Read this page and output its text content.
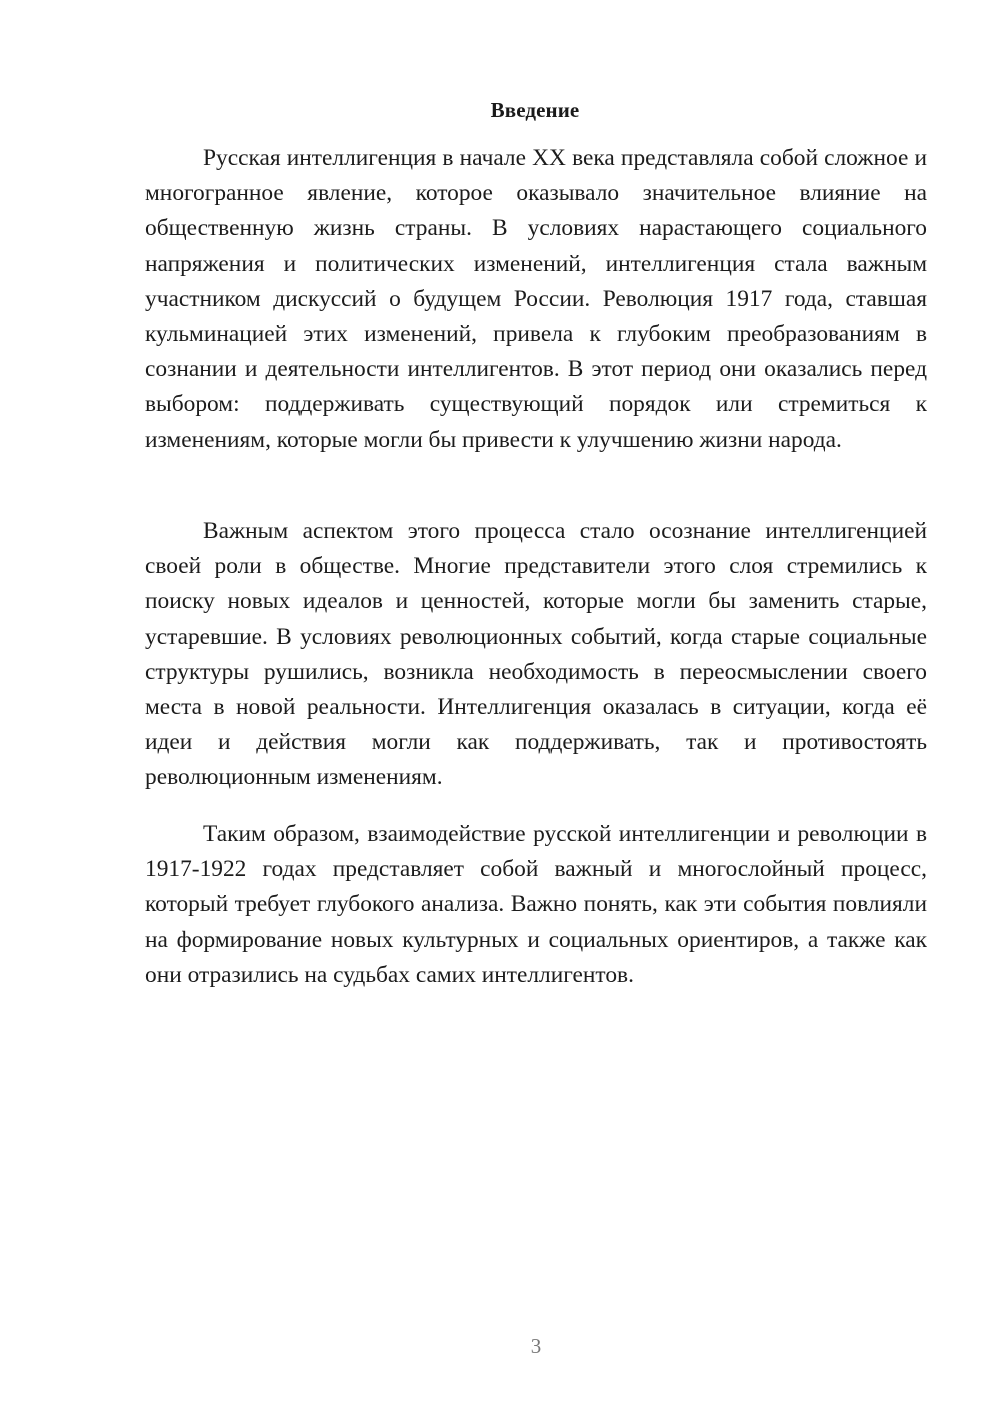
Введение

Русская интеллигенция в начале XX века представляла собой сложное и многогранное явление, которое оказывало значительное влияние на общественную жизнь страны. В условиях нарастающего социального напряжения и политических изменений, интеллигенция стала важным участником дискуссий о будущем России. Революция 1917 года, ставшая кульминацией этих изменений, привела к глубоким преобразованиям в сознании и деятельности интеллигентов. В этот период они оказались перед выбором: поддерживать существующий порядок или стремиться к изменениям, которые могли бы привести к улучшению жизни народа.

Важным аспектом этого процесса стало осознание интеллигенцией своей роли в обществе. Многие представители этого слоя стремились к поиску новых идеалов и ценностей, которые могли бы заменить старые, устаревшие. В условиях революционных событий, когда старые социальные структуры рушились, возникла необходимость в переосмыслении своего места в новой реальности. Интеллигенция оказалась в ситуации, когда её идеи и действия могли как поддерживать, так и противостоять революционным изменениям.

Таким образом, взаимодействие русской интеллигенции и революции в 1917-1922 годах представляет собой важный и многослойный процесс, который требует глубокого анализа. Важно понять, как эти события повлияли на формирование новых культурных и социальных ориентиров, а также как они отразились на судьбах самих интеллигентов.

3
